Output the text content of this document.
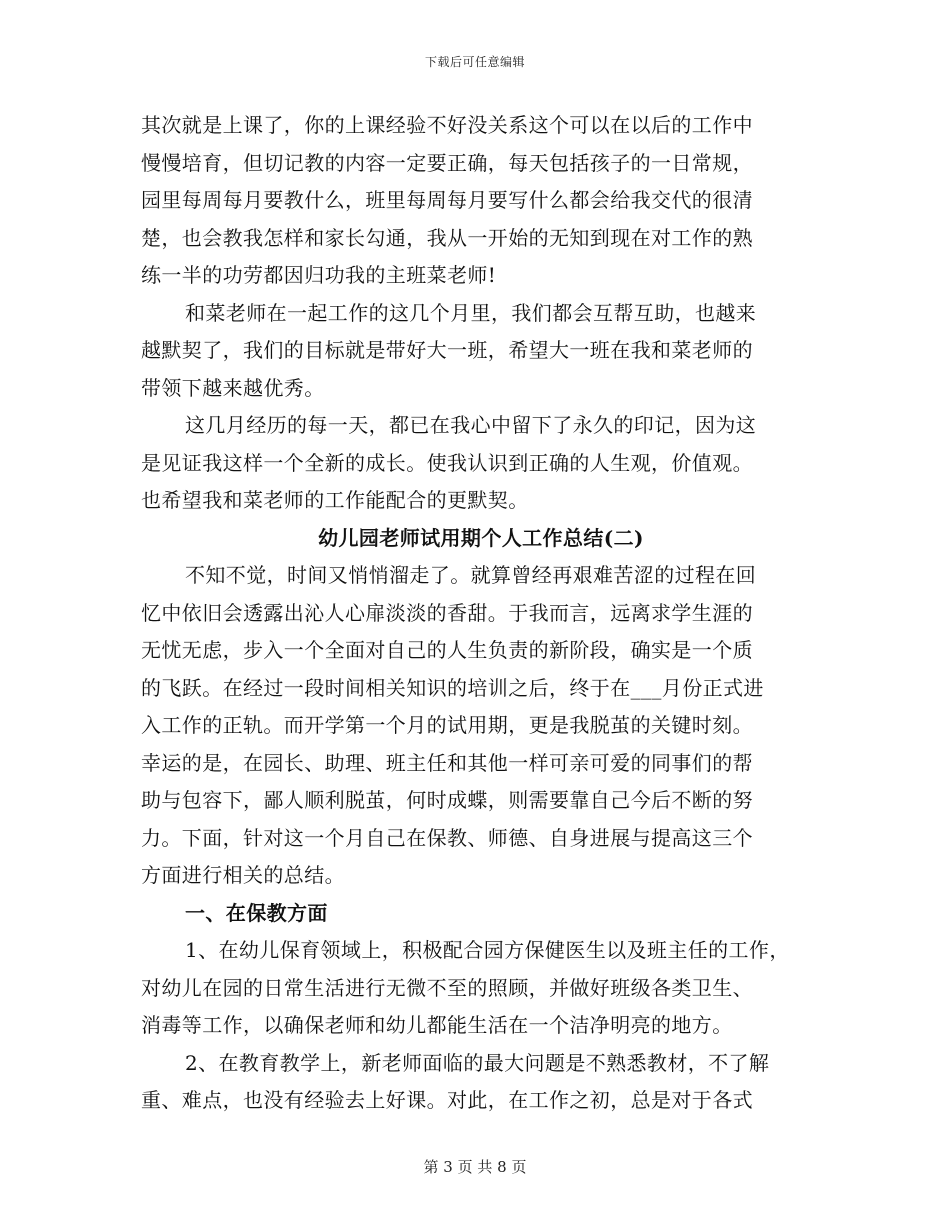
下载后可任意编辑
其次就是上课了，你的上课经验不好没关系这个可以在以后的工作中
慢慢培育，但切记教的内容一定要正确，每天包括孩子的一日常规，
园里每周每月要教什么，班里每周每月要写什么都会给我交代的很清
楚，也会教我怎样和家长勾通，我从一开始的无知到现在对工作的熟
练一半的功劳都因归功我的主班菜老师!
和菜老师在一起工作的这几个月里，我们都会互帮互助，也越来
越默契了，我们的目标就是带好大一班，希望大一班在我和菜老师的
带领下越来越优秀。
这几月经历的每一天，都已在我心中留下了永久的印记，因为这
是见证我这样一个全新的成长。使我认识到正确的人生观，价值观。
也希望我和菜老师的工作能配合的更默契。
幼儿园老师试用期个人工作总结(二)
不知不觉，时间又悄悄溜走了。就算曾经再艰难苦涩的过程在回
忆中依旧会透露出沁人心扉淡淡的香甜。于我而言，远离求学生涯的
无忧无虑，步入一个全面对自己的人生负责的新阶段，确实是一个质
的飞跃。在经过一段时间相关知识的培训之后，终于在___月份正式进
入工作的正轨。而开学第一个月的试用期，更是我脱茧的关键时刻。
幸运的是，在园长、助理、班主任和其他一样可亲可爱的同事们的帮
助与包容下，鄙人顺利脱茧，何时成蝶，则需要靠自己今后不断的努
力。下面，针对这一个月自己在保教、师德、自身进展与提高这三个
方面进行相关的总结。
一、在保教方面
1、在幼儿保育领域上，积极配合园方保健医生以及班主任的工作，
对幼儿在园的日常生活进行无微不至的照顾，并做好班级各类卫生、
消毒等工作，以确保老师和幼儿都能生活在一个洁净明亮的地方。
2、在教育教学上，新老师面临的最大问题是不熟悉教材，不了解
重、难点，也没有经验去上好课。对此，在工作之初，总是对于各式
第 3 页 共 8 页
